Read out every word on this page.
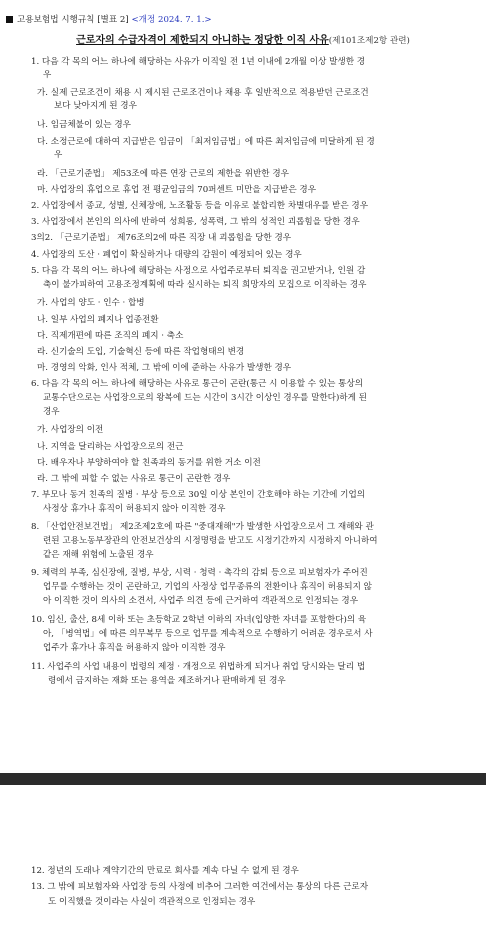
고용보험법 시행규칙 [별표 2] <개정 2024. 7. 1.>
근로자의 수급자격이 제한되지 아니하는 정당한 이직 사유(제101조제2항 관련)
1. 다음 각 목의 어느 하나에 해당하는 사유가 이직일 전 1년 이내에 2개월 이상 발생한 경
우
가. 실제 근로조건이 채용 시 제시된 근로조건이나 채용 후 일반적으로 적용받던 근로조건
보다 낮아지게 된 경우
나. 임금체불이 있는 경우
다. 소정근로에 대하여 지급받은 임금이 「최저임금법」에 따른 최저임금에 미달하게 된 경
우
라. 「근로기준법」 제53조에 따른 연장 근로의 제한을 위반한 경우
마. 사업장의 휴업으로 휴업 전 평균임금의 70퍼센트 미만을 지급받은 경우
2. 사업장에서 종교, 성별, 신체장애, 노조활동 등을 이유로 불합리한 차별대우를 받은 경우
3. 사업장에서 본인의 의사에 반하여 성희롱, 성폭력, 그 밖의 성적인 괴롭힘을 당한 경우
3의2. 「근로기준법」 제76조의2에 따른 직장 내 괴롭힘을 당한 경우
4. 사업장의 도산 · 폐업이 확실하거나 대량의 감원이 예정되어 있는 경우
5. 다음 각 목의 어느 하나에 해당하는 사정으로 사업주로부터 퇴직을 권고받거나, 인원 감
축이 불가피하여 고용조정계획에 따라 실시하는 퇴직 희망자의 모집으로 이직하는 경우
가. 사업의 양도 · 인수 · 합병
나. 일부 사업의 폐지나 업종전환
다. 직제개편에 따른 조직의 폐지 · 축소
라. 신기술의 도입, 기술혁신 등에 따른 작업형태의 변경
마. 경영의 악화, 인사 적체, 그 밖에 이에 준하는 사유가 발생한 경우
6. 다음 각 목의 어느 하나에 해당하는 사유로 통근이 곤란(통근 시 이용할 수 있는 통상의
교통수단으로는 사업장으로의 왕복에 드는 시간이 3시간 이상인 경우를 말한다)하게 된
경우
가. 사업장의 이전
나. 지역을 달리하는 사업장으로의 전근
다. 배우자나 부양하여야 할 친족과의 동거를 위한 거소 이전
라. 그 밖에 피할 수 없는 사유로 통근이 곤란한 경우
7. 부모나 동거 친족의 질병 · 부상 등으로 30일 이상 본인이 간호해야 하는 기간에 기업의
사정상 휴가나 휴직이 허용되지 않아 이직한 경우
8. 「산업안전보건법」 제2조제2호에 따른 "중대재해"가 발생한 사업장으로서 그 재해와 관
련된 고용노동부장관의 안전보건상의 시정명령을 받고도 시정기간까지 시정하지 아니하여
같은 재해 위험에 노출된 경우
9. 체력의 부족, 심신장애, 질병, 부상, 시력 · 청력 · 촉각의 감퇴 등으로 피보험자가 주어진
업무를 수행하는 것이 곤란하고, 기업의 사정상 업무종류의 전환이나 휴직이 허용되지 않
아 이직한 것이 의사의 소견서, 사업주 의견 등에 근거하여 객관적으로 인정되는 경우
10. 임신, 출산, 8세 이하 또는 초등학교 2학년 이하의 자녀(입양한 자녀를 포함한다)의 육
아, 「병역법」에 따른 의무복무 등으로 업무를 계속적으로 수행하기 어려운 경우로서 사
업주가 휴가나 휴직을 허용하지 않아 이직한 경우
11. 사업주의 사업 내용이 법령의 제정 · 개정으로 위법하게 되거나 취업 당시와는 달리 법
령에서 금지하는 재화 또는 용역을 제조하거나 판매하게 된 경우
12. 정년의 도래나 계약기간의 만료로 회사를 계속 다닐 수 없게 된 경우
13. 그 밖에 피보험자와 사업장 등의 사정에 비추어 그러한 여건에서는 통상의 다른 근로자
도 이직했을 것이라는 사실이 객관적으로 인정되는 경우
